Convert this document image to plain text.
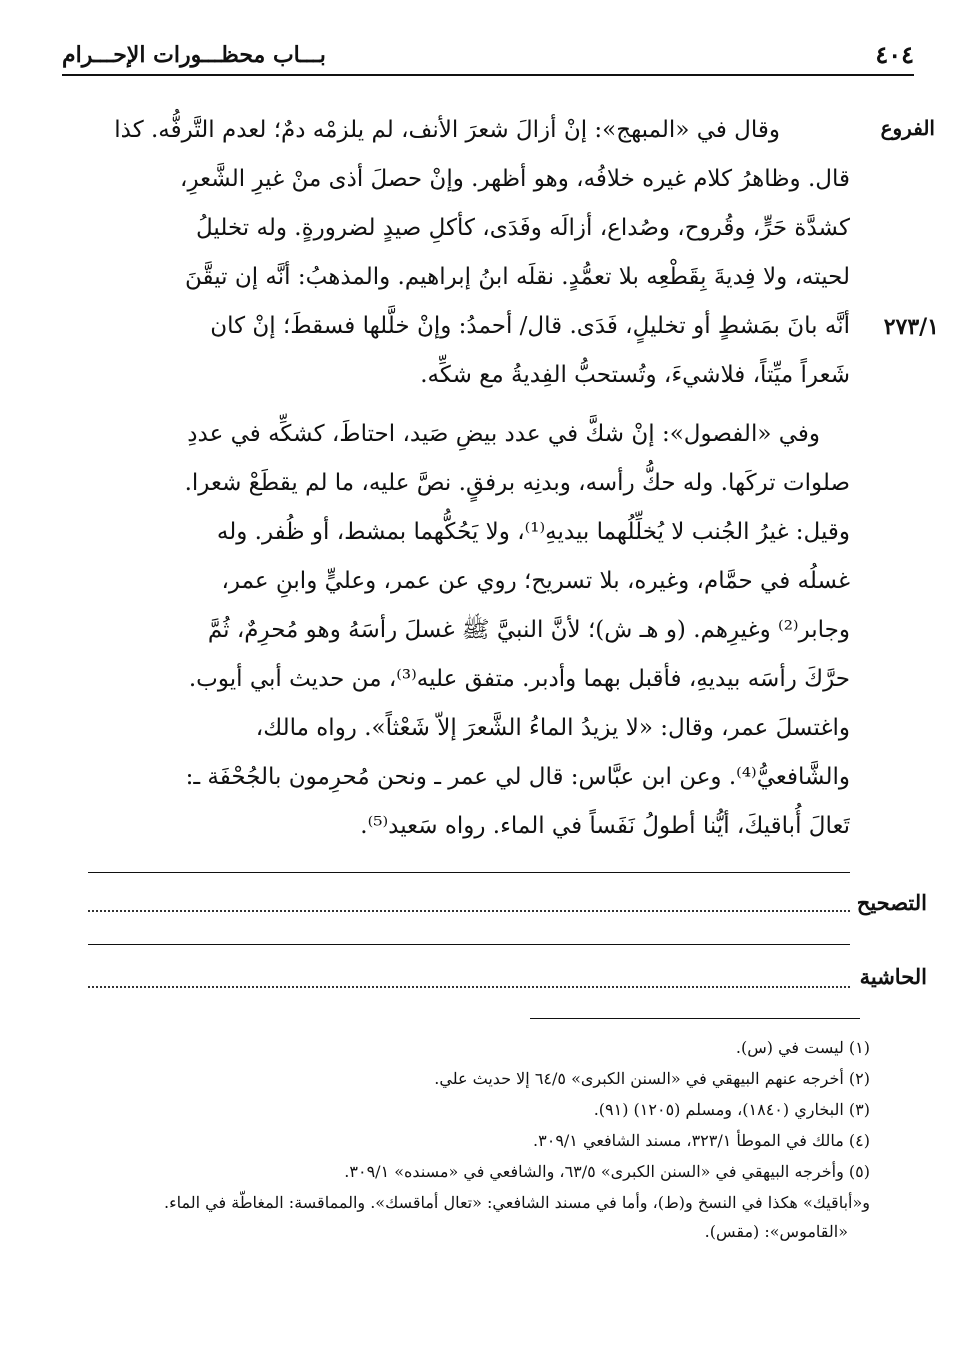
٤٠٤
بـــاب محظـــورات الإحـــرام
الفروع
٢٧٣/١
وقال في «المبهج»: إنْ أزالَ شعرَ الأنف، لم يلزمْه دمٌ؛ لعدم التَّرفُّه. كذا
قال. وظاهرُ كلام غيره خلافُه، وهو أظهر. وإنْ حصلَ أذى منْ غيرِ الشَّعرِ،
كشدَّة حَرٍّ، وقُروح، وصُداع، أزالَه وفَدَى، كأكلِ صيدٍ لضرورةٍ. وله تخليلُ
لحيته، ولا فِديةَ بِقَطْعِه بلا تعمُّدٍ. نقلَه ابنُ إبراهيم. والمذهبُ: أنَّه إن تيقَّنَ
أنَّه بانَ بمَشطٍ أو تخليلٍ، فَدَى. قال/ أحمدُ: وإنْ خلَّلها فسقطَ؛ إنْ كان
شَعراً ميِّتاً، فلاشيءَ، وتُستحبُّ الفِديةُ مع شكِّه.
وفي «الفصول»: إنْ شكَّ في عدد بيضِ صَيد، احتاطَ، كشكِّه في عددِ
صلوات تركَها. وله حكُّ رأسه، وبدنِه برفقٍ. نصَّ عليه، ما لم يقطَعْ شعرا.
وقيل: غيرُ الجُنب لا يُخلِّلُهما بيديهِ⁽¹⁾، ولا يَحُكُّهما بمشط، أو ظُفر. وله
غسلُه في حمَّام، وغيره، بلا تسريح؛ روي عن عمر، وعليٍّ وابنِ عمر،
وجابر⁽²⁾ وغيرِهم. (و هـ ش)؛ لأنَّ النبيَّ ﷺ غسلَ رأسَهُ وهو مُحرِمٌ، ثُمَّ
حرَّكَ رأسَه بيديهِ، فأقبل بهما وأدبر. متفق عليه⁽³⁾، من حديث أبي أيوب.
واغتسلَ عمر، وقال: «لا يزيدُ الماءُ الشَّعرَ إلاّ شَعْثاً». رواه مالك،
والشَّافعيُّ⁽⁴⁾. وعن ابن عبَّاس: قال لي عمر ـ ونحن مُحرِمون بالجُحْفَة ـ:
تَعالَ أُباقيكَ، أيُّنا أطولُ نَفَساً في الماء. رواه سَعيد⁽⁵⁾.
التصحيح
الحاشية
(١) ليست في (س).
(٢) أخرجه عنهم البيهقي في «السنن الكبرى» ٦٤/٥ إلا حديث علي.
(٣) البخاري (١٨٤٠)، ومسلم (١٢٠٥) (٩١).
(٤) مالك في الموطأ ٣٢٣/١، مسند الشافعي ٣٠٩/١.
(٥) وأخرجه البيهقي في «السنن الكبرى» ٦٣/٥، والشافعي في «مسنده» ٣٠٩/١.
و«أباقيك» هكذا في النسخ و(ط)، وأما في مسند الشافعي: «تعال أماقسك». والمماقسة: المغاطّة في الماء.
«القاموس»: (مقس).
